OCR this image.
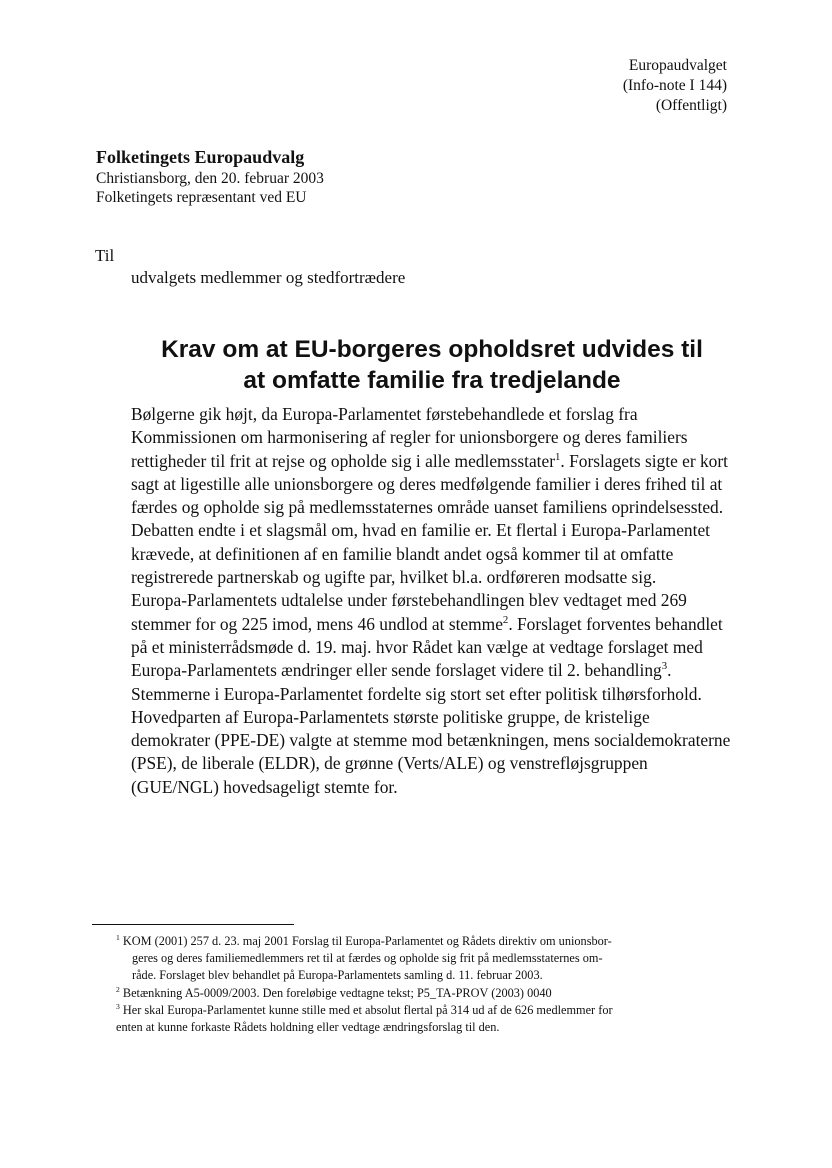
Europaudvalget
(Info-note I 144)
(Offentligt)
Folketingets Europaudvalg
Christiansborg, den 20. februar 2003
Folketingets repræsentant ved EU
Til
udvalgets medlemmer og stedfortrædere
Krav om at EU-borgeres opholdsret udvides til
at omfatte familie fra tredjelande

Bølgerne gik højt, da Europa-Parlamentet førstebehandlede et forslag fra Kommissionen om harmonisering af regler for unionsborgere og deres familiers rettigheder til frit at rejse og opholde sig i alle medlemsstater$^1$. Forslagets sigte er kort sagt at ligestille alle unionsborgere og deres medfølgende familier i deres frihed til at færdes og opholde sig på medlemsstaternes område uanset familiens oprindelsessted. Debatten endte i et slagsmål om, hvad en familie er. Et flertal i Europa-Parlamentet krævede, at definitionen af en familie blandt andet også kommer til at omfatte registrerede partnerskab og ugifte par, hvilket bl.a. ordføreren modsatte sig.

Europa-Parlamentets udtalelse under førstebehandlingen blev vedtaget med 269 stemmer for og 225 imod, mens 46 undlod at stemme$^2$. Forslaget forventes behandlet på et ministerrådsmøde d. 19. maj. hvor Rådet kan vælge at vedtage forslaget med Europa-Parlamentets ændringer eller sende forslaget videre til 2. behandling$^3$.

Stemmerne i Europa-Parlamentet fordelte sig stort set efter politisk tilhørsforhold. Hovedparten af Europa-Parlamentets største politiske gruppe, de kristelige demokrater (PPE-DE) valgte at stemme mod betænkningen, mens socialdemokraterne (PSE), de liberale (ELDR), de grønne (Verts/ALE) og venstrefløjsgruppen (GUE/NGL) hovedsageligt stemte for.

$^1$ KOM (2001) 257 d. 23. maj 2001 Forslag til Europa-Parlamentet og Rådets direktiv om unionsbor-
geres og deres familiemedlemmers ret til at færdes og opholde sig frit på medlemsstaternes om-
råde. Forslaget blev behandlet på Europa-Parlamentets samling d. 11. februar 2003.
$^2$ Betænkning A5-0009/2003. Den foreløbige vedtagne tekst; P5_TA-PROV (2003) 0040
$^3$ Her skal Europa-Parlamentet kunne stille med et absolut flertal på 314 ud af de 626 medlemmer for
enten at kunne forkaste Rådets holdning eller vedtage ændringsforslag til den.
